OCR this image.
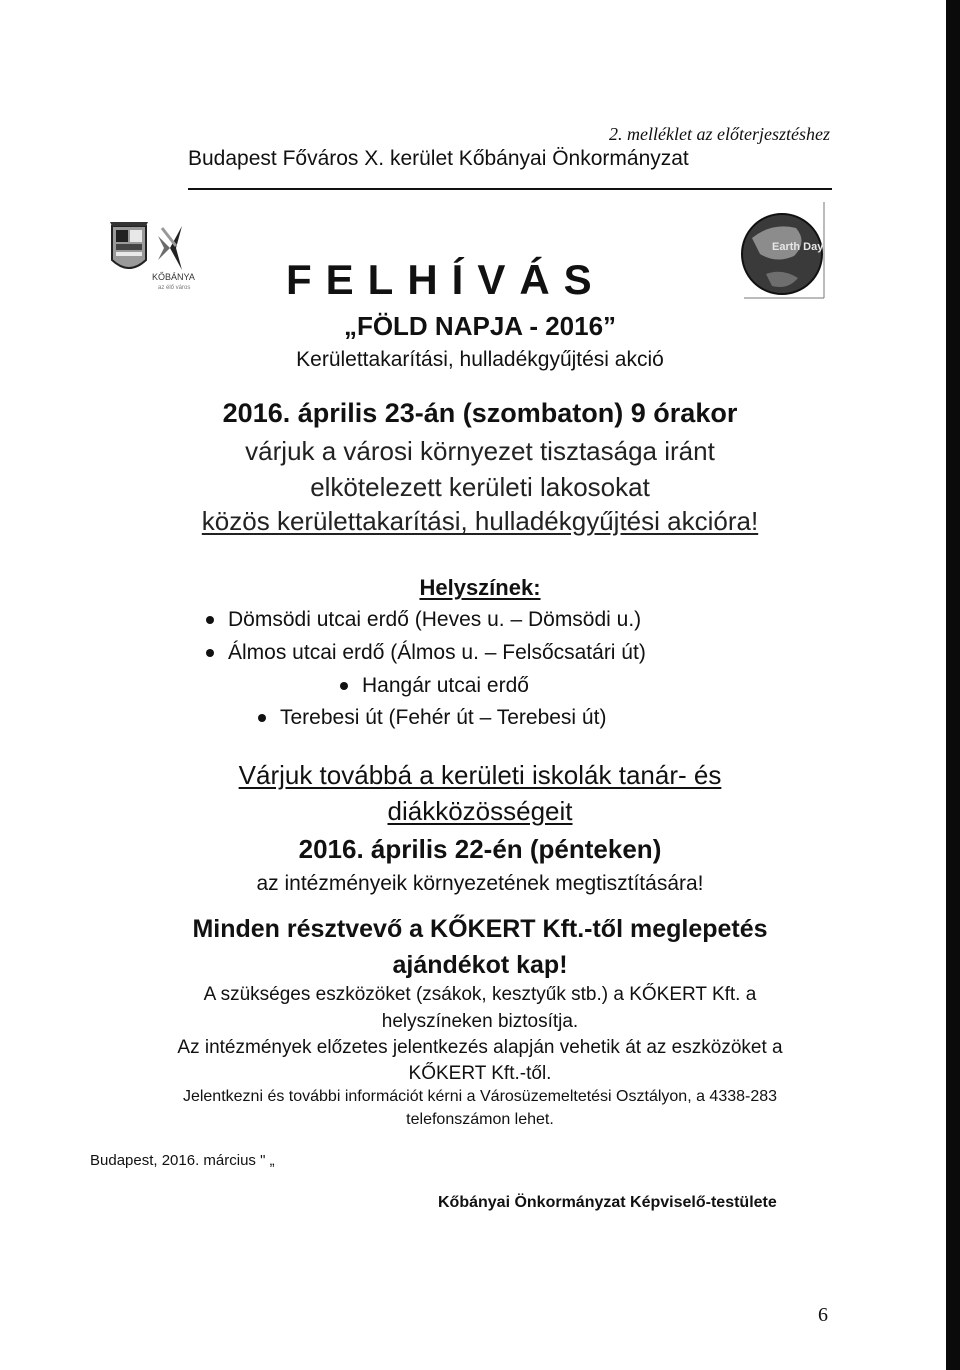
2. melléklet az előterjesztéshez
Budapest Főváros X. kerület Kőbányai Önkormányzat
KŐBÁNYA
az élő város
Earth Day
FELHÍVÁS
„FÖLD NAPJA - 2016”
Kerülettakarítási, hulladékgyűjtési akció
2016. április 23-án (szombaton) 9 órakor
várjuk a városi környezet tisztasága iránt
elkötelezett kerületi lakosokat
közös kerülettakarítási, hulladékgyűjtési akcióra!
Helyszínek:
Dömsödi utcai erdő (Heves u. – Dömsödi u.)
Álmos utcai erdő (Álmos u. – Felsőcsatári út)
Hangár utcai erdő
Terebesi út (Fehér út – Terebesi út)
Várjuk továbbá a kerületi iskolák tanár- és
diákközösségeit
2016. április 22-én (pénteken)
az intézményeik környezetének megtisztítására!
Minden résztvevő a KŐKERT Kft.-től meglepetés
ajándékot kap!
A szükséges eszközöket (zsákok, kesztyűk stb.) a KŐKERT Kft. a
helyszíneken biztosítja.
Az intézmények előzetes jelentkezés alapján vehetik át az eszközöket a
KŐKERT Kft.-től.
Jelentkezni és további információt kérni a Városüzemeltetési Osztályon, a 4338-283
telefonszámon lehet.
Budapest, 2016. március " „
Kőbányai Önkormányzat Képviselő-testülete
6
